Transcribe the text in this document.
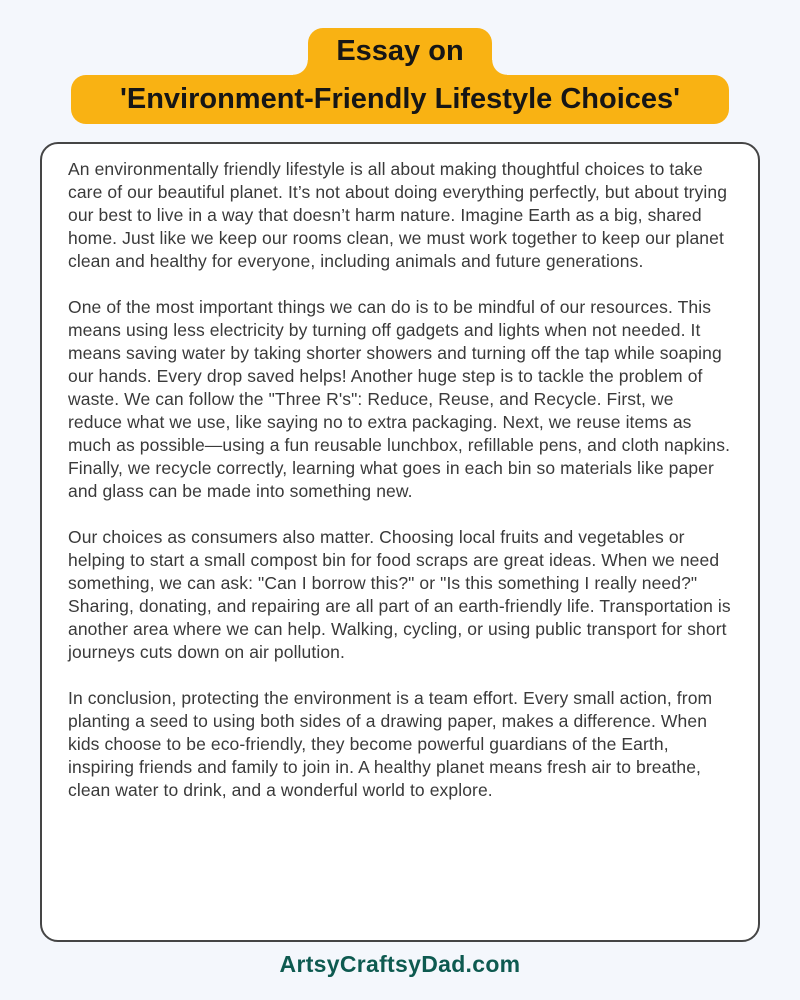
Essay on
'Environment-Friendly Lifestyle Choices'

An environmentally friendly lifestyle is all about making thoughtful choices to take care of our beautiful planet. It’s not about doing everything perfectly, but about trying our best to live in a way that doesn’t harm nature. Imagine Earth as a big, shared home. Just like we keep our rooms clean, we must work together to keep our planet clean and healthy for everyone, including animals and future generations.

One of the most important things we can do is to be mindful of our resources. This means using less electricity by turning off gadgets and lights when not needed. It means saving water by taking shorter showers and turning off the tap while soaping our hands. Every drop saved helps! Another huge step is to tackle the problem of waste. We can follow the "Three R's": Reduce, Reuse, and Recycle. First, we reduce what we use, like saying no to extra packaging. Next, we reuse items as much as possible—using a fun reusable lunchbox, refillable pens, and cloth napkins. Finally, we recycle correctly, learning what goes in each bin so materials like paper and glass can be made into something new.

Our choices as consumers also matter. Choosing local fruits and vegetables or helping to start a small compost bin for food scraps are great ideas. When we need something, we can ask: "Can I borrow this?" or "Is this something I really need?" Sharing, donating, and repairing are all part of an earth-friendly life. Transportation is another area where we can help. Walking, cycling, or using public transport for short journeys cuts down on air pollution.

In conclusion, protecting the environment is a team effort. Every small action, from planting a seed to using both sides of a drawing paper, makes a difference. When kids choose to be eco-friendly, they become powerful guardians of the Earth, inspiring friends and family to join in. A healthy planet means fresh air to breathe, clean water to drink, and a wonderful world to explore.

ArtsyCraftsyDad.com
